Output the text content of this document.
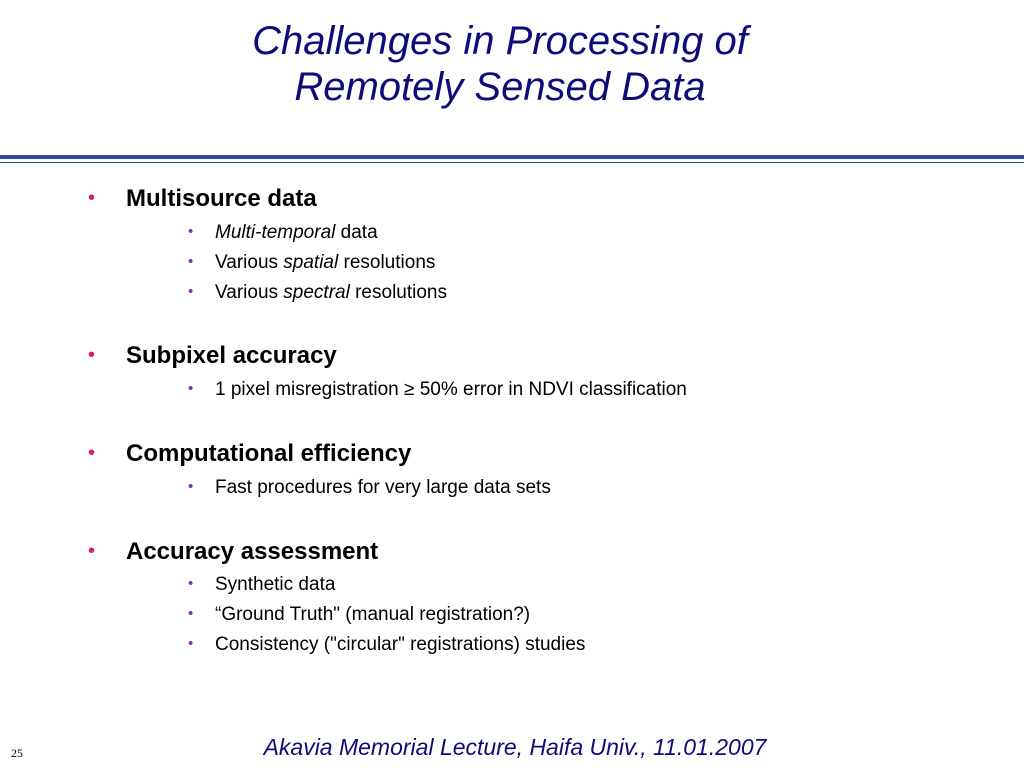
Challenges in Processing of
Remotely Sensed Data
• Multisource data
• Multi-temporal data
• Various spatial resolutions
• Various spectral resolutions
• Subpixel accuracy
• 1 pixel misregistration ≥ 50% error in NDVI classification
• Computational efficiency
• Fast procedures for very large data sets
• Accuracy assessment
• Synthetic data
• “Ground Truth" (manual registration?)
• Consistency ("circular" registrations) studies
Akavia Memorial Lecture, Haifa Univ., 11.01.2007
25
